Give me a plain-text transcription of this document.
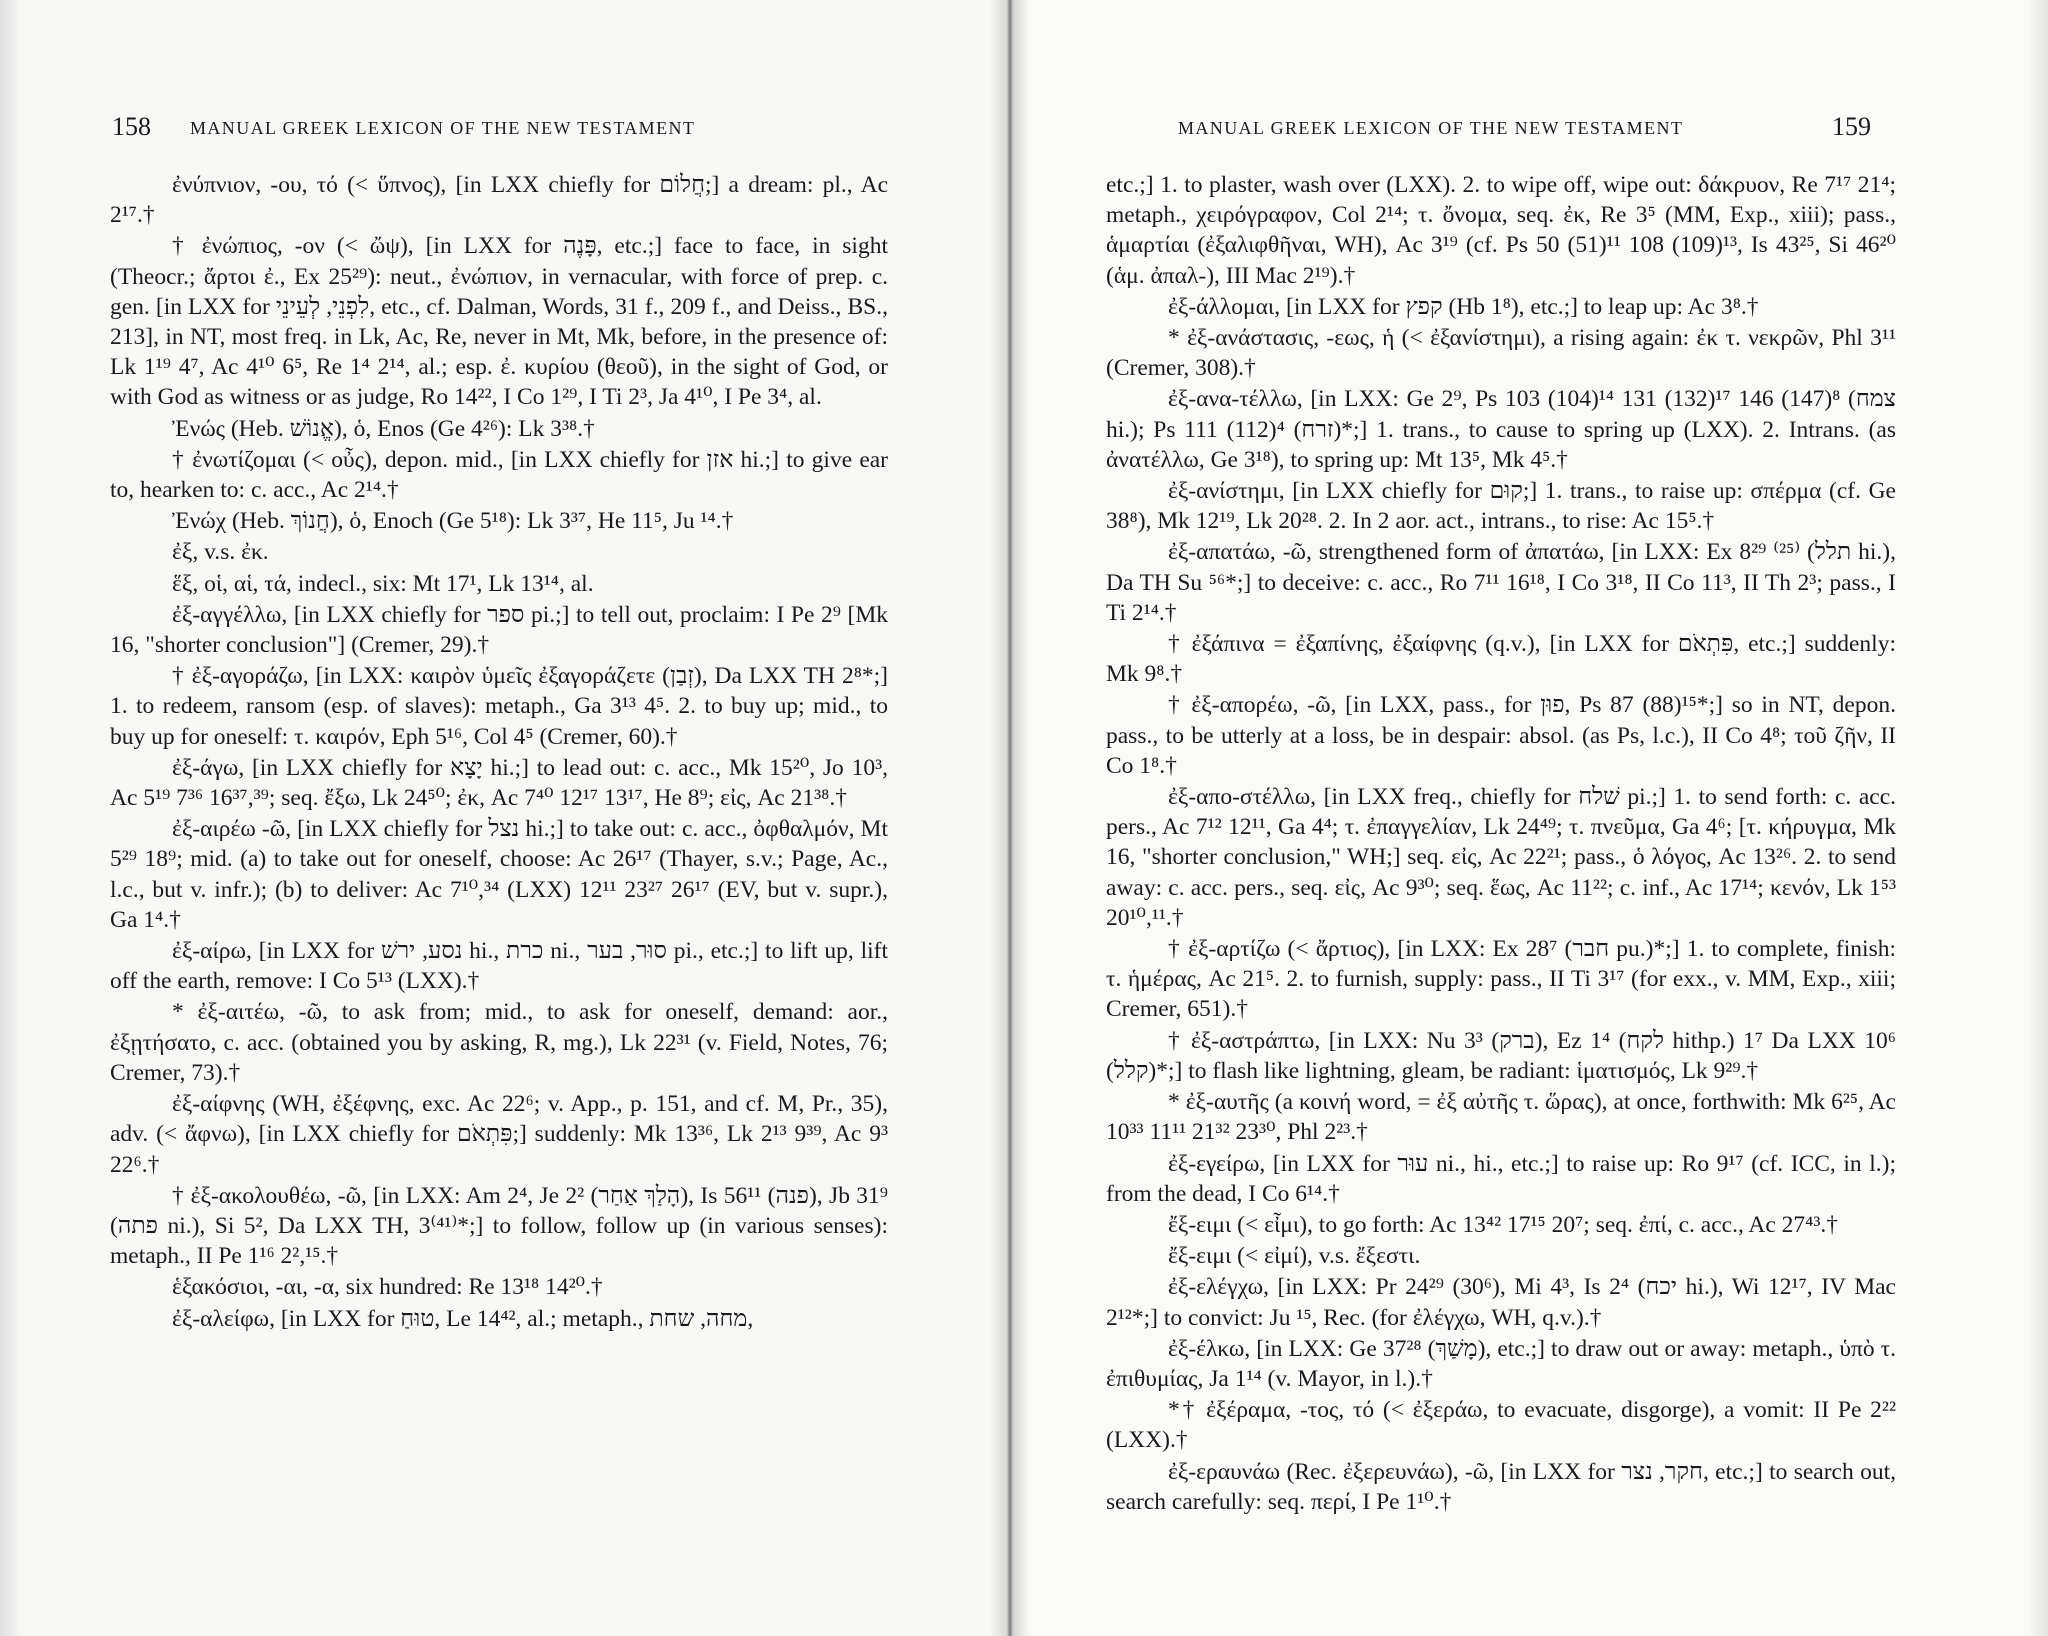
158 MANUAL GREEK LEXICON OF THE NEW TESTAMENT

ἐνύπνιον, -ου, τό (< ὕπνος), [in LXX chiefly for חֲלוֹם;] a dream: pl., Ac 2¹⁷.†

† ἐνώπιος, -ον (< ὤψ), [in LXX for פָּנֶה, etc.;] face to face, in sight (Theocr.; ἄρτοι ἐ., Ex 25²⁹): neut., ἐνώπιον, in vernacular, with force of prep. c. gen. [in LXX for לִפְנֵי, לְעֵינֵי, etc., cf. Dalman, Words, 31 f., 209 f., and Deiss., BS., 213], in NT, most freq. in Lk, Ac, Re, never in Mt, Mk, before, in the presence of: Lk 1¹⁹ 4⁷, Ac 4¹⁰ 6⁵, Re 1⁴ 2¹⁴, al.; esp. ἐ. κυρίου (θεοῦ), in the sight of God, or with God as witness or as judge, Ro 14²², I Co 1²⁹, I Ti 2³, Ja 4¹⁰, I Pe 3⁴, al.

Ἐνώς (Heb. אֱנוֹשׁ), ὁ, Enos (Ge 4²⁶): Lk 3³⁸.†

† ἐνωτίζομαι (< οὖς), depon. mid., [in LXX chiefly for אזן hi.;] to give ear to, hearken to: c. acc., Ac 2¹⁴.†

Ἐνώχ (Heb. חֲנוֹךְ), ὁ, Enoch (Ge 5¹⁸): Lk 3³⁷, He 11⁵, Ju ¹⁴.†

ἐξ, v.s. ἐκ.

ἕξ, οἱ, αἱ, τά, indecl., six: Mt 17¹, Lk 13¹⁴, al.

ἐξ-αγγέλλω, [in LXX chiefly for ספר pi.;] to tell out, proclaim: I Pe 2⁹ [Mk 16, "shorter conclusion"] (Cremer, 29).†

† ἐξ-αγοράζω, [in LXX: καιρὸν ὑμεῖς ἐξαγοράζετε (זְבַן), Da LXX TH 2⁸*;] 1. to redeem, ransom (esp. of slaves): metaph., Ga 3¹³ 4⁵. 2. to buy up; mid., to buy up for oneself: τ. καιρόν, Eph 5¹⁶, Col 4⁵ (Cremer, 60).†

ἐξ-άγω, [in LXX chiefly for יָצָא hi.;] to lead out: c. acc., Mk 15²⁰, Jo 10³, Ac 5¹⁹ 7³⁶ 16³⁷,³⁹; seq. ἔξω, Lk 24⁵⁰; ἐκ, Ac 7⁴⁰ 12¹⁷ 13¹⁷, He 8⁹; εἰς, Ac 21³⁸.†

ἐξ-αιρέω -ῶ, [in LXX chiefly for נצל hi.;] to take out: c. acc., ὀφθαλμόν, Mt 5²⁹ 18⁹; mid. (a) to take out for oneself, choose: Ac 26¹⁷ (Thayer, s.v.; Page, Ac., l.c., but v. infr.); (b) to deliver: Ac 7¹⁰,³⁴ (LXX) 12¹¹ 23²⁷ 26¹⁷ (EV, but v. supr.), Ga 1⁴.†

ἐξ-αίρω, [in LXX for נסע, ירשׁ hi., כרת ni., סוּר, בער pi., etc.;] to lift up, lift off the earth, remove: I Co 5¹³ (LXX).†

* ἐξ-αιτέω, -ῶ, to ask from; mid., to ask for oneself, demand: aor., ἐξῃτήσατο, c. acc. (obtained you by asking, R, mg.), Lk 22³¹ (v. Field, Notes, 76; Cremer, 73).†

ἐξ-αίφνης (WH, ἐξέφνης, exc. Ac 22⁶; v. App., p. 151, and cf. M, Pr., 35), adv. (< ἄφνω), [in LXX chiefly for פִּתְאֹם;] suddenly: Mk 13³⁶, Lk 2¹³ 9³⁹, Ac 9³ 22⁶.†

† ἐξ-ακολουθέω, -ῶ, [in LXX: Am 2⁴, Je 2² (הָלַךְ אַחַר), Is 56¹¹ (פנה), Jb 31⁹ (פתה ni.), Si 5², Da LXX TH, 3⁽⁴¹⁾*;] to follow, follow up (in various senses): metaph., II Pe 1¹⁶ 2²,¹⁵.†

ἑξακόσιοι, -αι, -α, six hundred: Re 13¹⁸ 14²⁰.†

ἐξ-αλείφω, [in LXX for טוּחַ, Le 14⁴², al.; metaph., מחה, שחת,

MANUAL GREEK LEXICON OF THE NEW TESTAMENT	159

etc.;] 1. to plaster, wash over (LXX). 2. to wipe off, wipe out: δάκρυον, Re 7¹⁷ 21⁴; metaph., χειρόγραφον, Col 2¹⁴; τ. ὄνομα, seq. ἐκ, Re 3⁵ (MM, Exp., xiii); pass., ἁμαρτίαι (ἐξαλιφθῆναι, WH), Ac 3¹⁹ (cf. Ps 50 (51)¹¹ 108 (109)¹³, Is 43²⁵, Si 46²⁰ (ἁμ. ἀπαλ-), III Mac 2¹⁹).†

ἐξ-άλλομαι, [in LXX for קפץ (Hb 1⁸), etc.;] to leap up: Ac 3⁸.†

* ἐξ-ανάστασις, -εως, ἡ (< ἐξανίστημι), a rising again: ἐκ τ. νεκρῶν, Phl 3¹¹ (Cremer, 308).†

ἐξ-ανα-τέλλω, [in LXX: Ge 2⁹, Ps 103 (104)¹⁴ 131 (132)¹⁷ 146 (147)⁸ (צמח hi.); Ps 111 (112)⁴ (זרח)*;] 1. trans., to cause to spring up (LXX). 2. Intrans. (as ἀνατέλλω, Ge 3¹⁸), to spring up: Mt 13⁵, Mk 4⁵.†

ἐξ-ανίστημι, [in LXX chiefly for קוּם;] 1. trans., to raise up: σπέρμα (cf. Ge 38⁸), Mk 12¹⁹, Lk 20²⁸. 2. In 2 aor. act., intrans., to rise: Ac 15⁵.†

ἐξ-απατάω, -ῶ, strengthened form of ἀπατάω, [in LXX: Ex 8²⁹ ⁽²⁵⁾ (תלל hi.), Da TH Su ⁵⁶*;] to deceive: c. acc., Ro 7¹¹ 16¹⁸, I Co 3¹⁸, II Co 11³, II Th 2³; pass., I Ti 2¹⁴.†

† ἐξάπινα = ἐξαπίνης, ἐξαίφνης (q.v.), [in LXX for פִּתְאֹם, etc.;] suddenly: Mk 9⁸.†

† ἐξ-απορέω, -ῶ, [in LXX, pass., for פוּן, Ps 87 (88)¹⁵*;] so in NT, depon. pass., to be utterly at a loss, be in despair: absol. (as Ps, l.c.), II Co 4⁸; τοῦ ζῆν, II Co 1⁸.†

ἐξ-απο-στέλλω, [in LXX freq., chiefly for שׁלח pi.;] 1. to send forth: c. acc. pers., Ac 7¹² 12¹¹, Ga 4⁴; τ. ἐπαγγελίαν, Lk 24⁴⁹; τ. πνεῦμα, Ga 4⁶; [τ. κήρυγμα, Mk 16, "shorter conclusion," WH;] seq. εἰς, Ac 22²¹; pass., ὁ λόγος, Ac 13²⁶. 2. to send away: c. acc. pers., seq. εἰς, Ac 9³⁰; seq. ἕως, Ac 11²²; c. inf., Ac 17¹⁴; κενόν, Lk 1⁵³ 20¹⁰,¹¹.†

† ἐξ-αρτίζω (< ἄρτιος), [in LXX: Ex 28⁷ (חבר pu.)*;] 1. to complete, finish: τ. ἡμέρας, Ac 21⁵. 2. to furnish, supply: pass., II Ti 3¹⁷ (for exx., v. MM, Exp., xiii; Cremer, 651).†

† ἐξ-αστράπτω, [in LXX: Nu 3³ (ברק), Ez 1⁴ (לקח hithp.) 1⁷ Da LXX 10⁶ (קלל)*;] to flash like lightning, gleam, be radiant: ἱματισμός, Lk 9²⁹.†

* ἐξ-αυτῆς (a κοινή word, = ἐξ αὐτῆς τ. ὥρας), at once, forthwith: Mk 6²⁵, Ac 10³³ 11¹¹ 21³² 23³⁰, Phl 2²³.†

ἐξ-εγείρω, [in LXX for עוּר ni., hi., etc.;] to raise up: Ro 9¹⁷ (cf. ICC, in l.); from the dead, I Co 6¹⁴.†

ἔξ-ειμι (< εἶμι), to go forth: Ac 13⁴² 17¹⁵ 20⁷; seq. ἐπί, c. acc., Ac 27⁴³.†

ἔξ-ειμι (< εἰμί), v.s. ἔξεστι.

ἐξ-ελέγχω, [in LXX: Pr 24²⁹ (30⁶), Mi 4³, Is 2⁴ (יכח hi.), Wi 12¹⁷, IV Mac 2¹²*;] to convict: Ju ¹⁵, Rec. (for ἐλέγχω, WH, q.v.).†

ἐξ-έλκω, [in LXX: Ge 37²⁸ (מָשַׁךְ), etc.;] to draw out or away: metaph., ὑπὸ τ. ἐπιθυμίας, Ja 1¹⁴ (v. Mayor, in l.).†

*† ἐξέραμα, -τος, τό (< ἐξεράω, to evacuate, disgorge), a vomit: II Pe 2²² (LXX).†

ἐξ-εραυνάω (Rec. ἐξερευνάω), -ῶ, [in LXX for חקר, נצר, etc.;] to search out, search carefully: seq. περί, I Pe 1¹⁰.†
